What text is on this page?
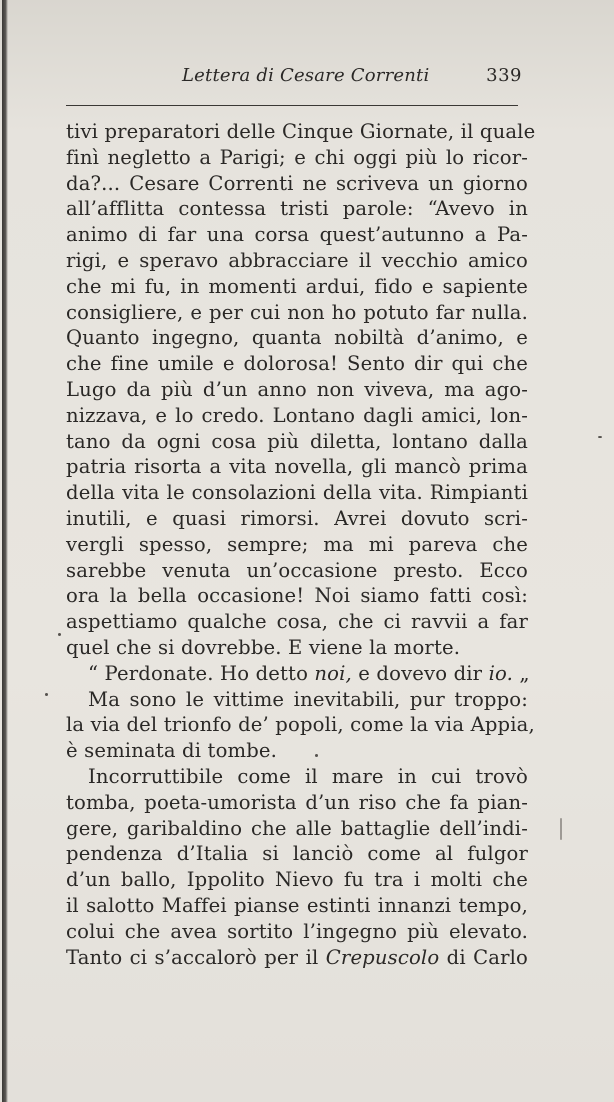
Lettera di Cesare Correnti	339
tivi preparatori delle Cinque Giornate, il quale
finì negletto a Parigi; e chi oggi più lo ricor-
da?... Cesare Correnti ne scriveva un giorno
all’afflitta contessa tristi parole: “Avevo in
animo di far una corsa quest’autunno a Pa-
rigi, e speravo abbracciare il vecchio amico
che mi fu, in momenti ardui, fido e sapiente
consigliere, e per cui non ho potuto far nulla.
Quanto ingegno, quanta nobiltà d’animo, e
che fine umile e dolorosa! Sento dir qui che
Lugo da più d’un anno non viveva, ma ago-
nizzava, e lo credo. Lontano dagli amici, lon-
tano da ogni cosa più diletta, lontano dalla
patria risorta a vita novella, gli mancò prima
della vita le consolazioni della vita. Rimpianti
inutili, e quasi rimorsi. Avrei dovuto scri-
vergli spesso, sempre; ma mi pareva che
sarebbe venuta un’occasione presto. Ecco
ora la bella occasione! Noi siamo fatti così:
aspettiamo qualche cosa, che ci ravvii a far
quel che si dovrebbe. E viene la morte.
“ Perdonate. Ho detto noi, e dovevo dir io. „
Ma sono le vittime inevitabili, pur troppo:
la via del trionfo de’ popoli, come la via Appia,
è seminata di tombe.
Incorruttibile come il mare in cui trovò
tomba, poeta-umorista d’un riso che fa pian-
gere, garibaldino che alle battaglie dell’indi-
pendenza d’Italia si lanciò come al fulgor
d’un ballo, Ippolito Nievo fu tra i molti che
il salotto Maffei pianse estinti innanzi tempo,
colui che avea sortito l’ingegno più elevato.
Tanto ci s’accalorò per il Crepuscolo di Carlo
